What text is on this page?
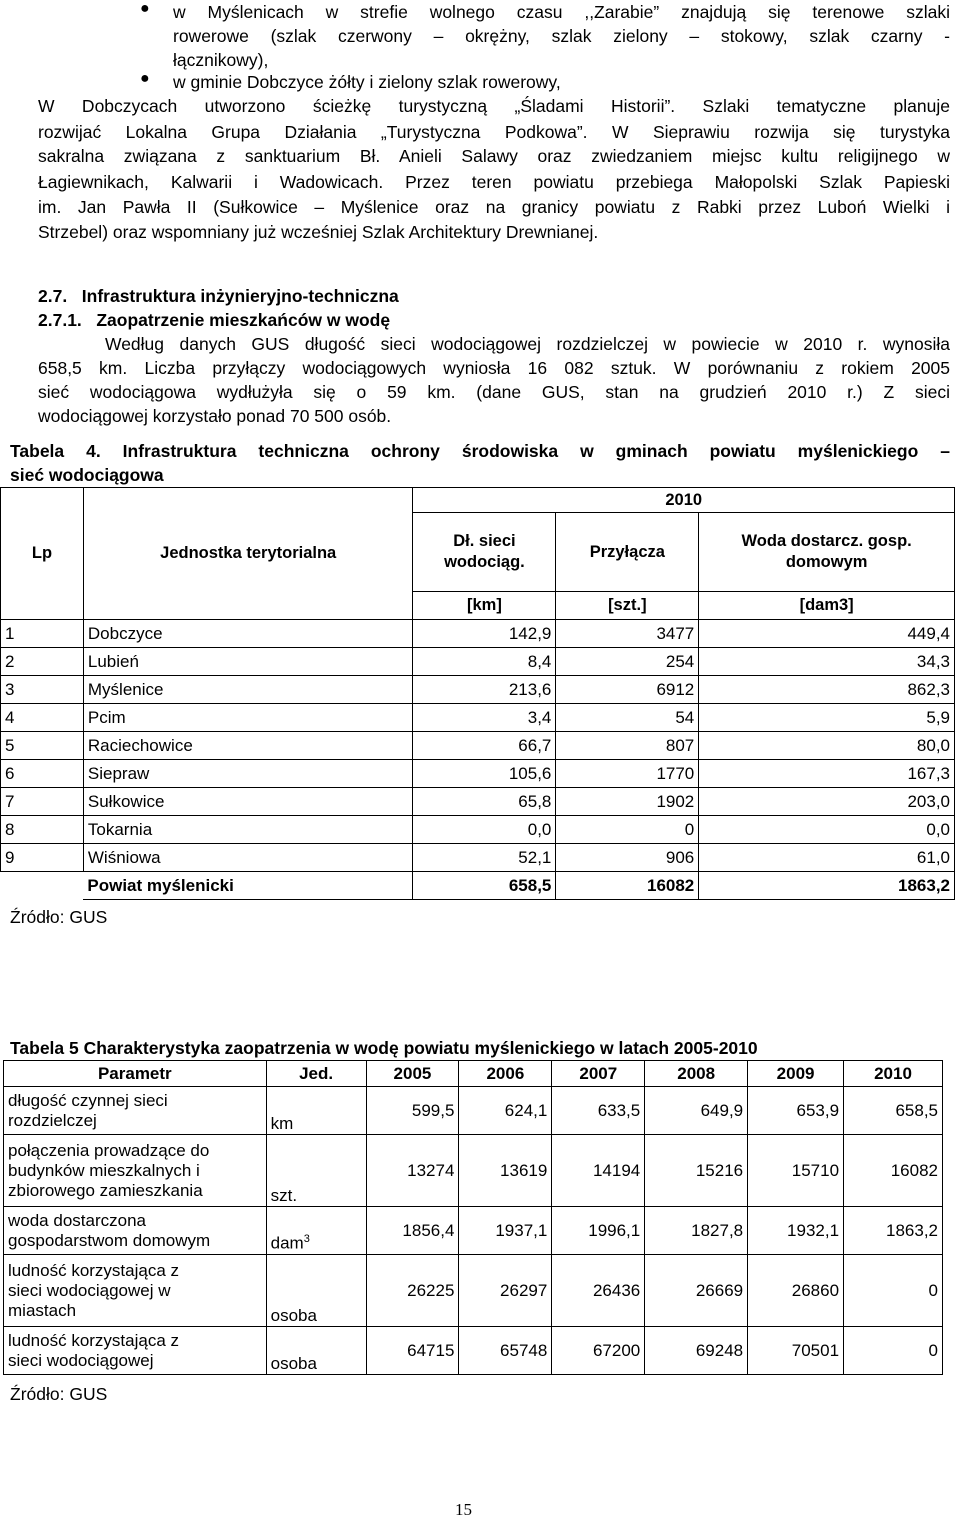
● w Myślenicach w strefie wolnego czasu ,,Zarabie” znajdują się terenowe szlaki
rowerowe (szlak czerwony – okrężny, szlak zielony – stokowy, szlak czarny -
łącznikowy),
● w gminie Dobczyce żółty i zielony szlak rowerowy,
W Dobczycach utworzono ścieżkę turystyczną „Śladami Historii”. Szlaki tematyczne planuje
rozwijać Lokalna Grupa Działania „Turystyczna Podkowa”. W Sieprawiu rozwija się turystyka
sakralna związana z sanktuarium Bł. Anieli Salawy oraz zwiedzaniem miejsc kultu religijnego w
Łagiewnikach, Kalwarii i Wadowicach. Przez teren powiatu przebiega Małopolski Szlak Papieski
im. Jan Pawła II (Sułkowice – Myślenice oraz na granicy powiatu z Rabki przez Luboń Wielki i
Strzebel) oraz wspomniany już wcześniej Szlak Architektury Drewnianej.
2.7.   Infrastruktura inżynieryjno-techniczna
2.7.1.   Zaopatrzenie mieszkańców w wodę
Według danych GUS długość sieci wodociągowej rozdzielczej w powiecie w 2010 r. wynosiła
658,5 km. Liczba przyłączy wodociągowych wyniosła 16 082 sztuk. W porównaniu z rokiem 2005
sieć wodociągowa wydłużyła się o 59 km. (dane GUS, stan na grudzień 2010 r.) Z sieci
wodociągowej korzystało ponad 70 500 osób.
Tabela 4. Infrastruktura techniczna ochrony środowiska w gminach powiatu myślenickiego –
sieć wodociągowa
Lp	Jednostka terytorialna	2010		
		Dł. sieci wodociąg.	Przyłącza	Woda dostarcz. gosp. domowym
		[km]	[szt.]	[dam3]
1	Dobczyce	142,9	3477	449,4
2	Lubień	8,4	254	34,3
3	Myślenice	213,6	6912	862,3
4	Pcim	3,4	54	5,9
5	Raciechowice	66,7	807	80,0
6	Siepraw	105,6	1770	167,3
7	Sułkowice	65,8	1902	203,0
8	Tokarnia	0,0	0	0,0
9	Wiśniowa	52,1	906	61,0
	Powiat myślenicki	658,5	16082	1863,2
Źródło: GUS
Tabela 5 Charakterystyka zaopatrzenia w wodę powiatu myślenickiego w latach 2005-2010
Parametr	Jed.	2005	2006	2007	2008	2009	2010

długość czynnej sieci
rozdzielczej	km	599,5	624,1	633,5	649,9	653,9	658,5

połączenia prowadzące do
budynków mieszkalnych i
zbiorowego zamieszkania	szt.	13274	13619	14194	15216	15710	16082

woda dostarczona
gospodarstwom domowym	dam$^3$	1856,4	1937,1	1996,1	1827,8	1932,1	1863,2

ludność korzystająca z
sieci wodociągowej w
miastach	osoba	26225	26297	26436	26669	26860	0

ludność korzystająca z
sieci wodociągowej	osoba	64715	65748	67200	69248	70501	0
Źródło: GUS
15
